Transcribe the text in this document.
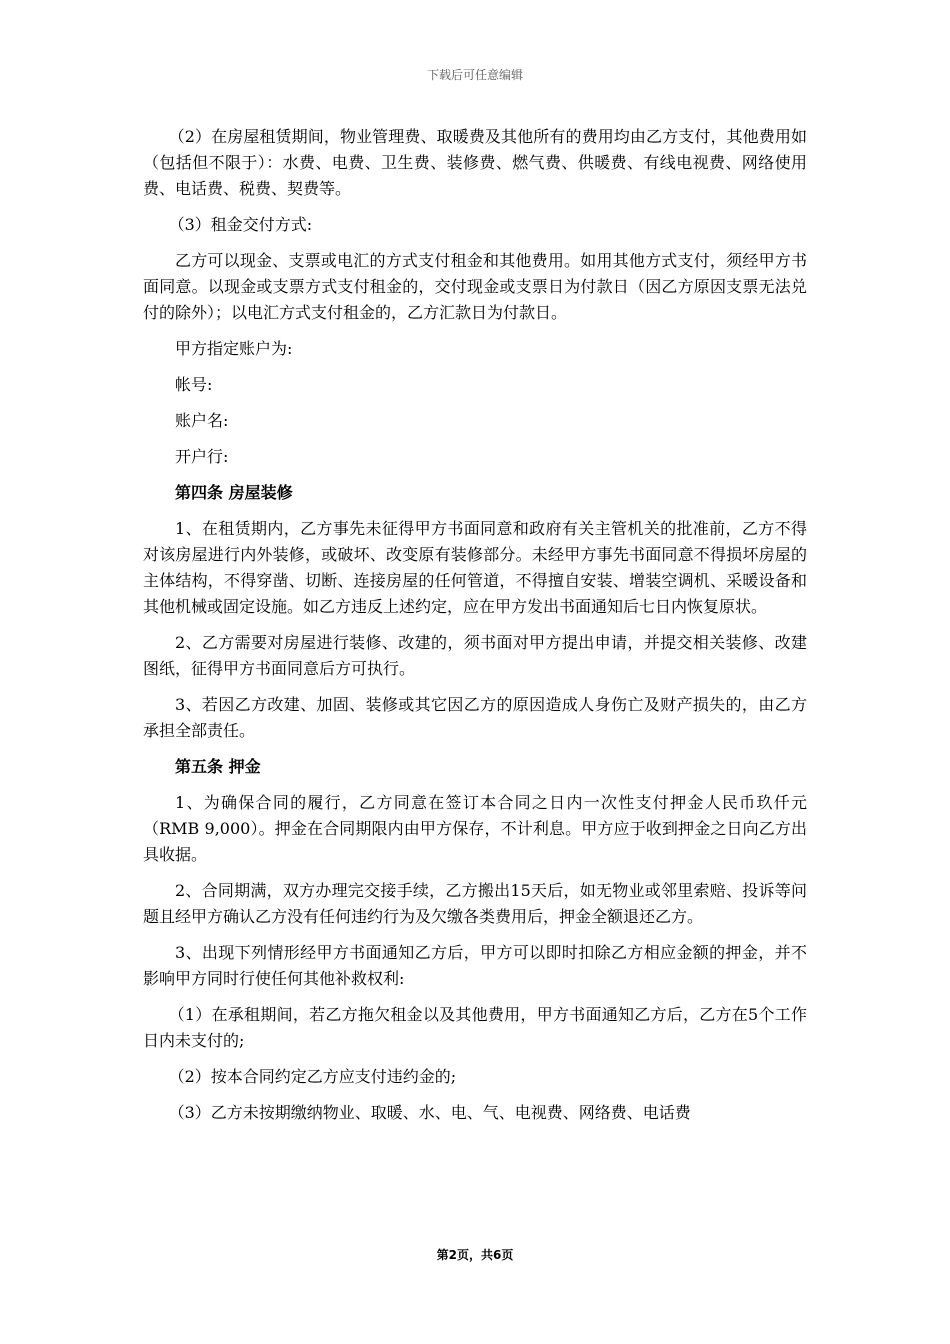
下载后可任意编辑

（2）在房屋租赁期间，物业管理费、取暖费及其他所有的费用均由乙方支付，其他费用如（包括但不限于）：水费、电费、卫生费、装修费、燃气费、供暖费、有线电视费、网络使用费、电话费、税费、契费等。

（3）租金交付方式:

乙方可以现金、支票或电汇的方式支付租金和其他费用。如用其他方式支付，须经甲方书面同意。以现金或支票方式支付租金的，交付现金或支票日为付款日（因乙方原因支票无法兑付的除外）；以电汇方式支付租金的，乙方汇款日为付款日。

甲方指定账户为:

帐号:

账户名:

开户行:

第四条 房屋装修

1、在租赁期内，乙方事先未征得甲方书面同意和政府有关主管机关的批准前，乙方不得对该房屋进行内外装修，或破坏、改变原有装修部分。未经甲方事先书面同意不得损坏房屋的主体结构，不得穿凿、切断、连接房屋的任何管道，不得擅自安装、增装空调机、采暖设备和其他机械或固定设施。如乙方违反上述约定，应在甲方发出书面通知后七日内恢复原状。

2、乙方需要对房屋进行装修、改建的，须书面对甲方提出申请，并提交相关装修、改建图纸，征得甲方书面同意后方可执行。

3、若因乙方改建、加固、装修或其它因乙方的原因造成人身伤亡及财产损失的，由乙方承担全部责任。

第五条 押金

1、为确保合同的履行，乙方同意在签订本合同之日内一次性支付押金人民币玖仟元（RMB 9,000）。押金在合同期限内由甲方保存，不计利息。甲方应于收到押金之日向乙方出具收据。

2、合同期满，双方办理完交接手续，乙方搬出15天后，如无物业或邻里索赔、投诉等问题且经甲方确认乙方没有任何违约行为及欠缴各类费用后，押金全额退还乙方。

3、出现下列情形经甲方书面通知乙方后，甲方可以即时扣除乙方相应金额的押金，并不影响甲方同时行使任何其他补救权利:

（1）在承租期间，若乙方拖欠租金以及其他费用，甲方书面通知乙方后，乙方在5个工作日内未支付的;

（2）按本合同约定乙方应支付违约金的;

（3）乙方未按期缴纳物业、取暖、水、电、气、电视费、网络费、电话费

第2页，共6页
